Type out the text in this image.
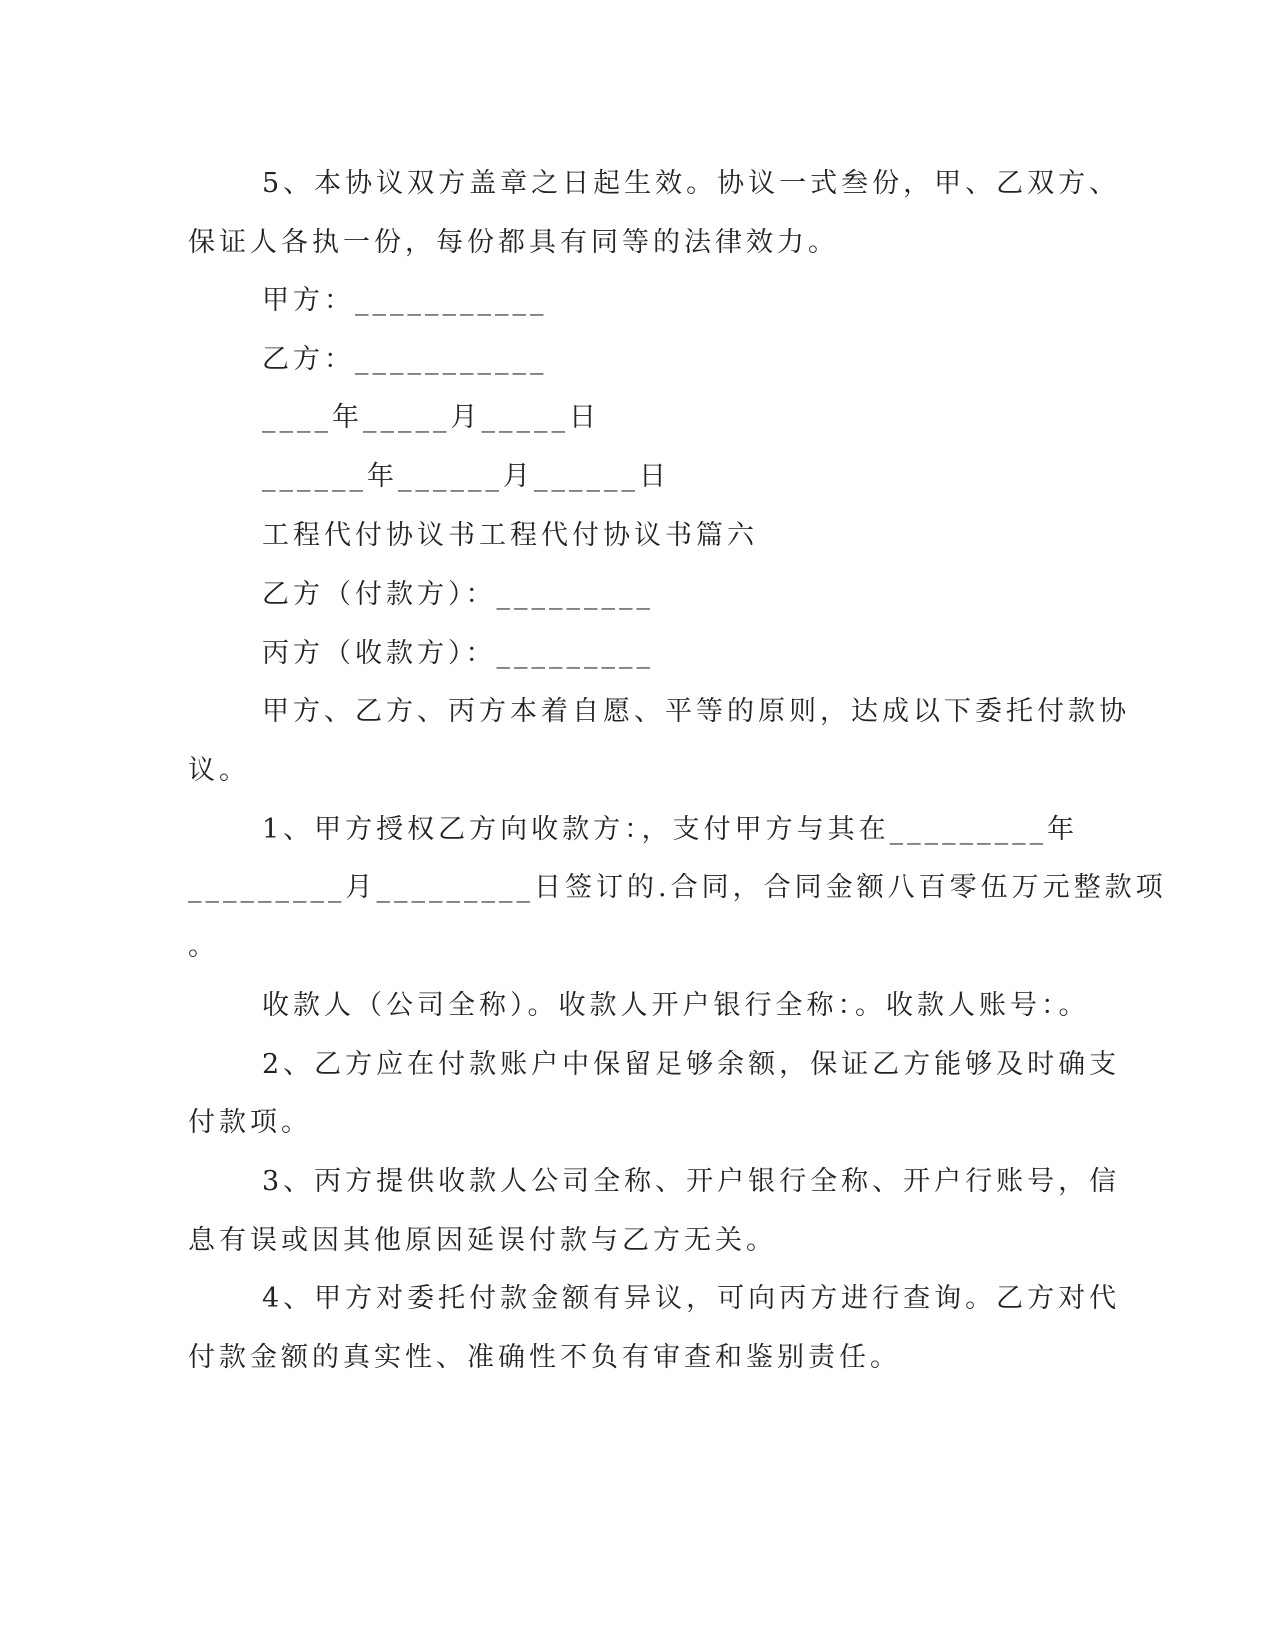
5、本协议双方盖章之日起生效。协议一式叁份，甲、乙双方、

保证人各执一份，每份都具有同等的法律效力。

甲方：___________

乙方：___________

____年_____月_____日

______年______月______日

工程代付协议书工程代付协议书篇六

乙方（付款方）：_________

丙方（收款方）：_________

甲方、乙方、丙方本着自愿、平等的原则，达成以下委托付款协

议。

1、甲方授权乙方向收款方：，支付甲方与其在_________年

_________月_________日签订的.合同，合同金额八百零伍万元整款项

。

收款人（公司全称）。收款人开户银行全称：。收款人账号：。

2、乙方应在付款账户中保留足够余额，保证乙方能够及时确支

付款项。

3、丙方提供收款人公司全称、开户银行全称、开户行账号，信

息有误或因其他原因延误付款与乙方无关。

4、甲方对委托付款金额有异议，可向丙方进行查询。乙方对代

付款金额的真实性、准确性不负有审查和鉴别责任。
